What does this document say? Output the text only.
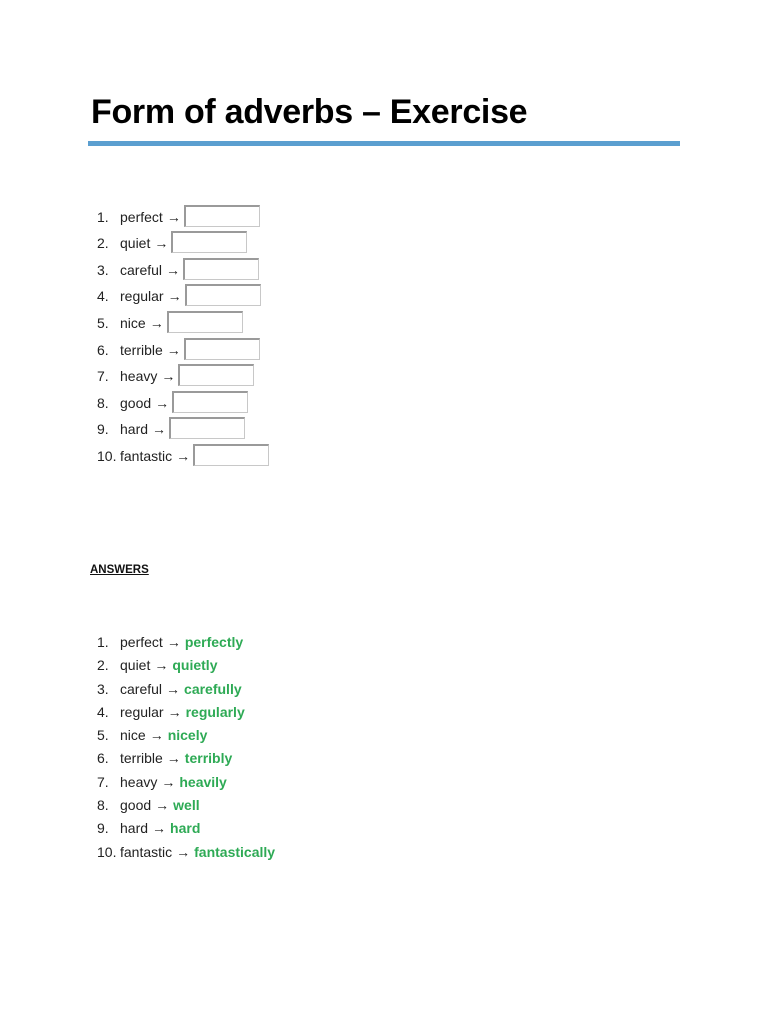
Form of adverbs – Exercise
1. perfect →
2. quiet →
3. careful →
4. regular →
5. nice →
6. terrible →
7. heavy →
8. good →
9. hard →
10. fantastic →
ANSWERS
1. perfect → perfectly
2. quiet → quietly
3. careful → carefully
4. regular → regularly
5. nice → nicely
6. terrible → terribly
7. heavy → heavily
8. good → well
9. hard → hard
10. fantastic → fantastically
